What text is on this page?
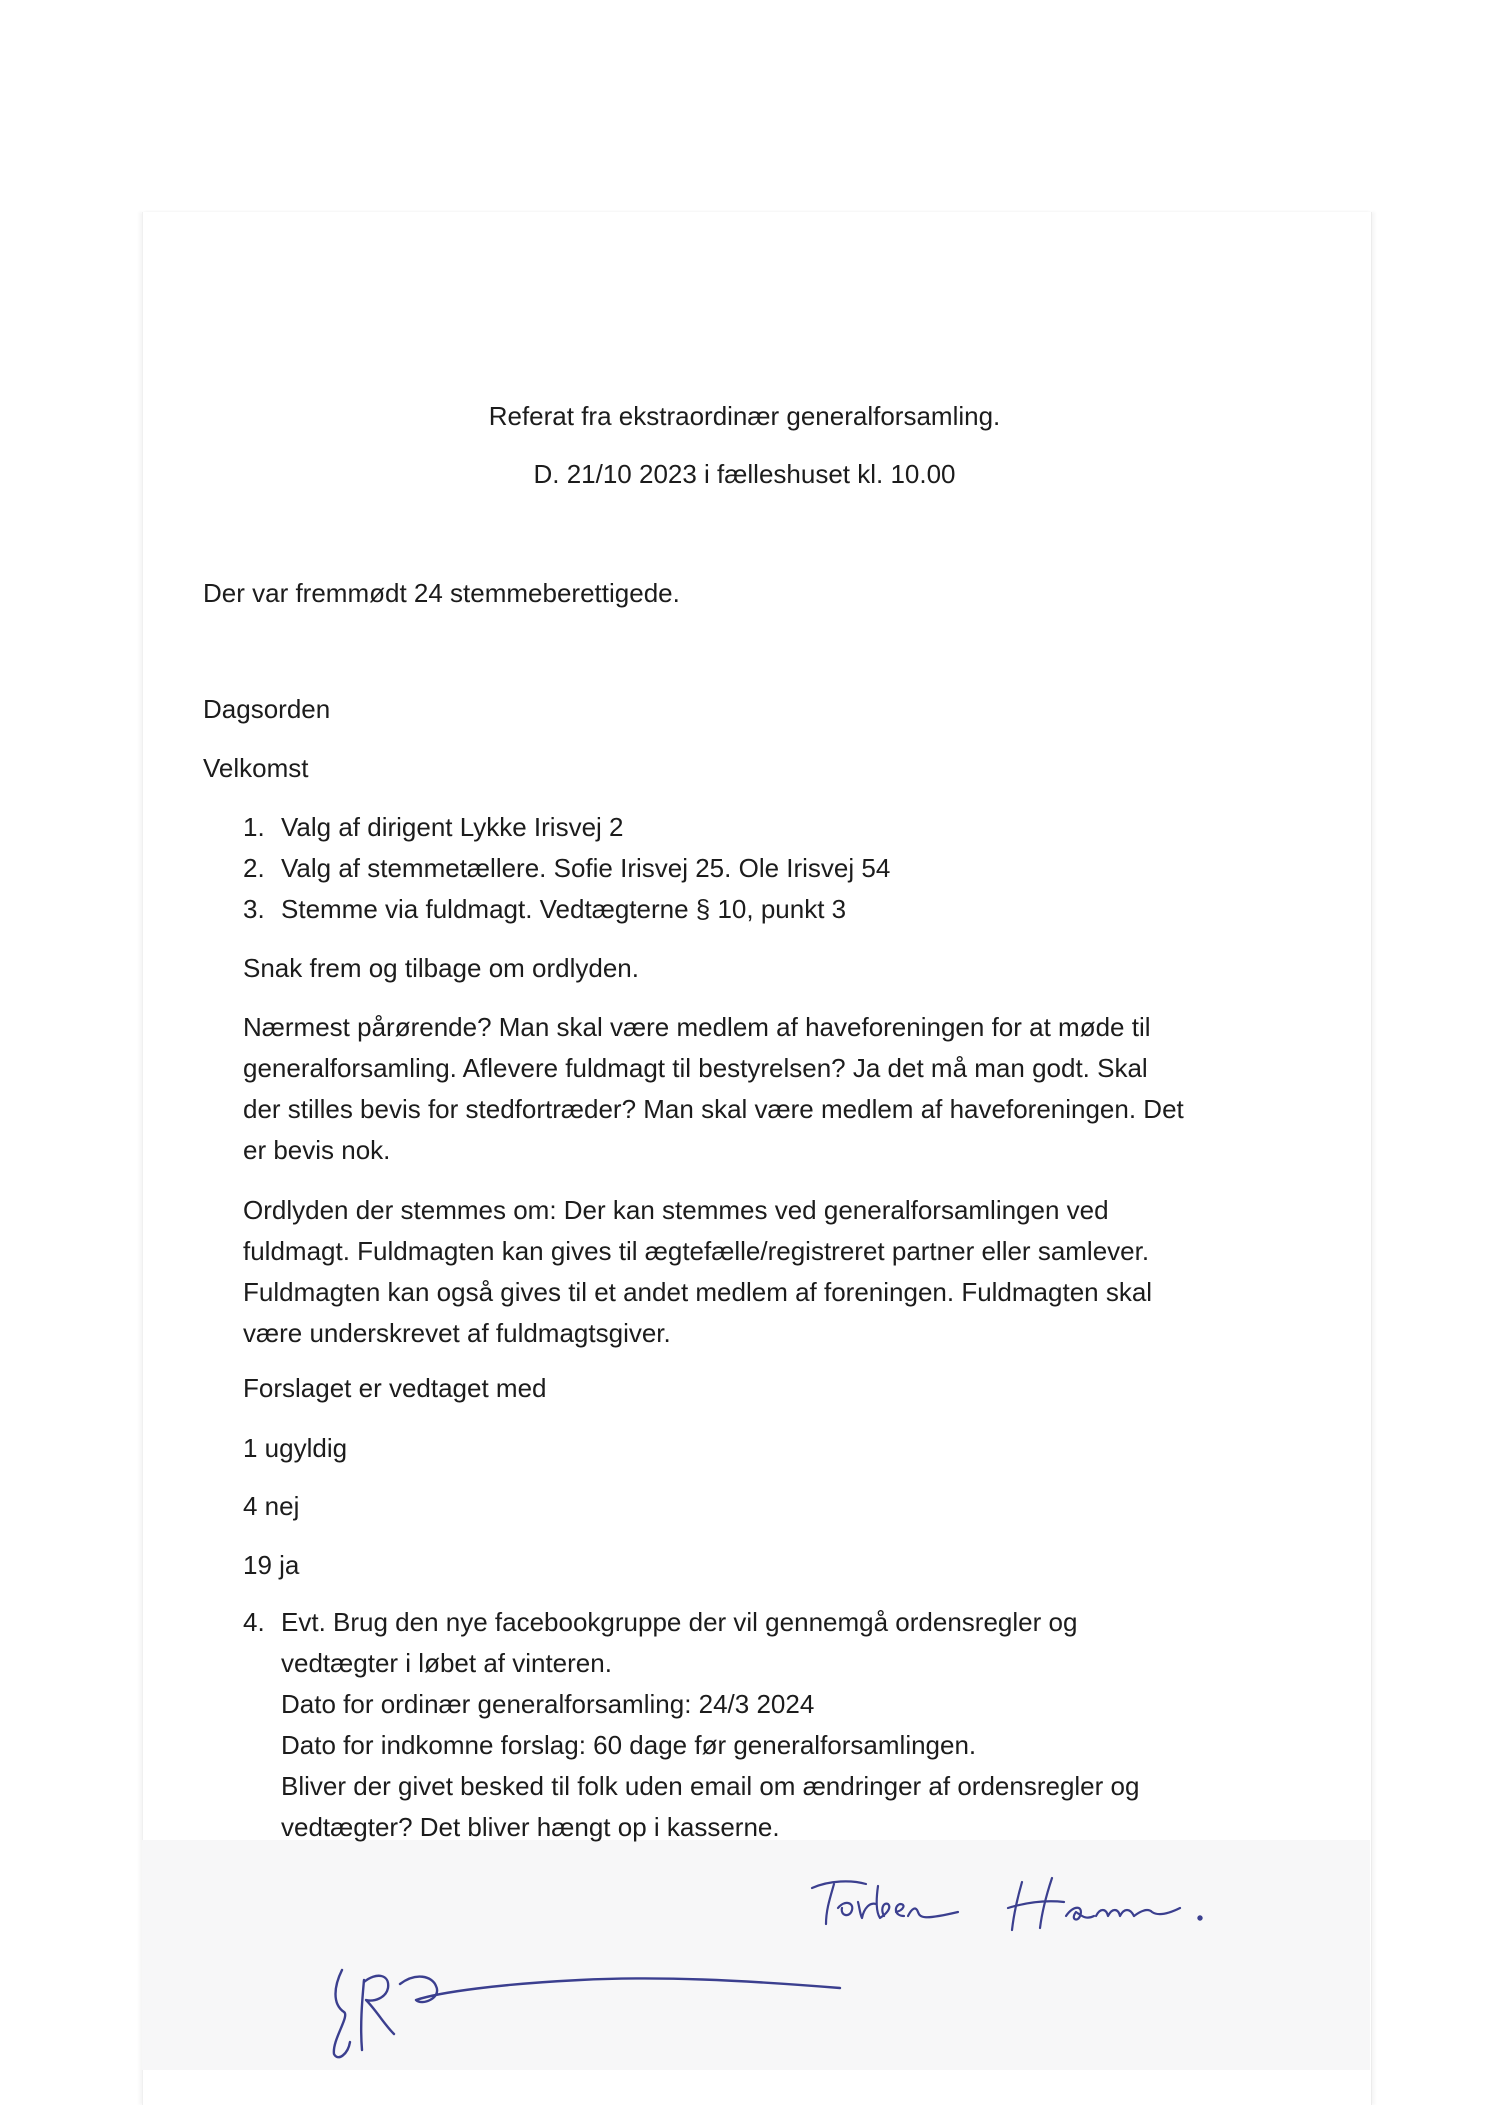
Referat fra ekstraordinær generalforsamling.
D. 21/10 2023 i fælleshuset kl. 10.00
Der var fremmødt 24 stemmeberettigede.
Dagsorden
Velkomst
1. Valg af dirigent Lykke Irisvej 2
2. Valg af stemmetællere. Sofie Irisvej 25. Ole Irisvej 54
3. Stemme via fuldmagt. Vedtægterne § 10, punkt 3
Snak frem og tilbage om ordlyden.
Nærmest pårørende? Man skal være medlem af haveforeningen for at møde til
generalforsamling. Aflevere fuldmagt til bestyrelsen? Ja det må man godt. Skal
der stilles bevis for stedfortræder? Man skal være medlem af haveforeningen. Det
er bevis nok.
Ordlyden der stemmes om: Der kan stemmes ved generalforsamlingen ved
fuldmagt. Fuldmagten kan gives til ægtefælle/registreret partner eller samlever.
Fuldmagten kan også gives til et andet medlem af foreningen. Fuldmagten skal
være underskrevet af fuldmagtsgiver.
Forslaget er vedtaget med
1 ugyldig
4 nej
19 ja
4. Evt. Brug den nye facebookgruppe der vil gennemgå ordensregler og
vedtægter i løbet af vinteren.
Dato for ordinær generalforsamling: 24/3 2024
Dato for indkomne forslag: 60 dage før generalforsamlingen.
Bliver der givet besked til folk uden email om ændringer af ordensregler og
vedtægter? Det bliver hængt op i kasserne.
